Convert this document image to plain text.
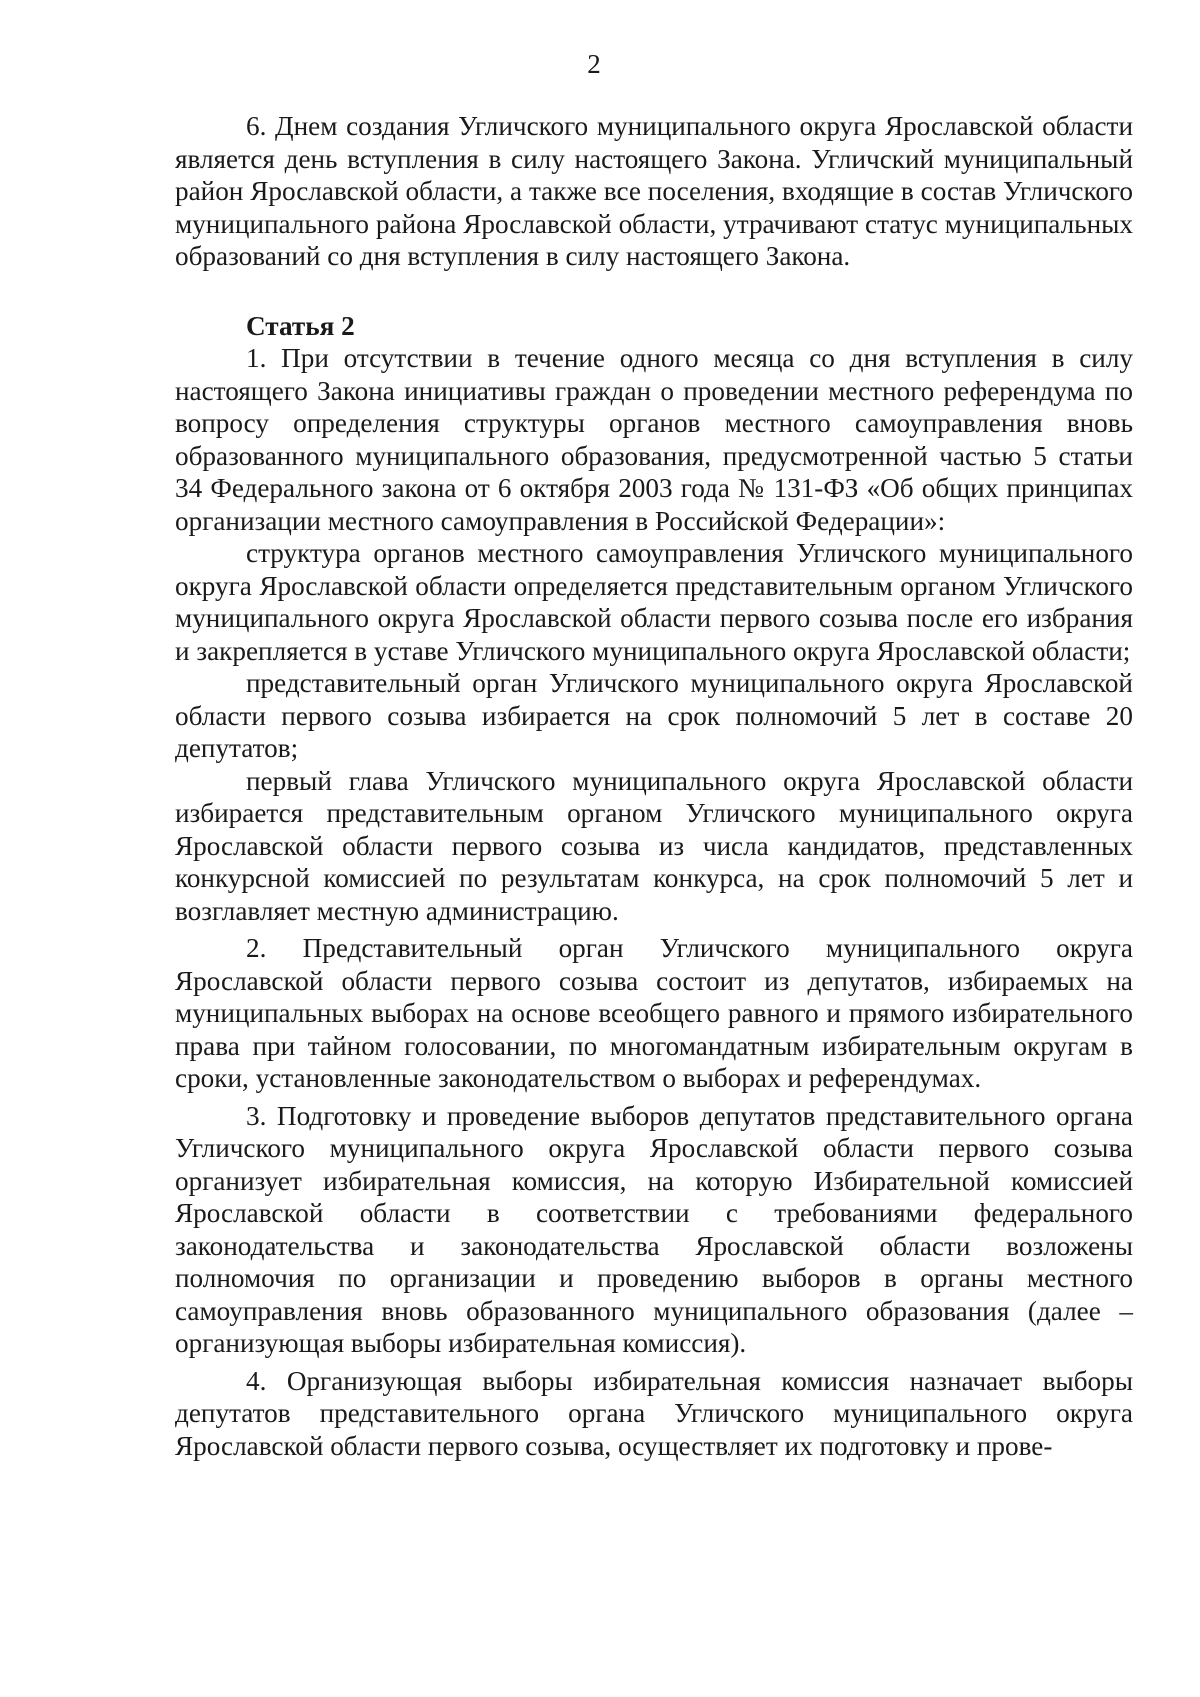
2

6. Днем создания Угличского муниципального округа Ярославской области является день вступления в силу настоящего Закона. Угличский муниципальный район Ярославской области, а также все поселения, входящие в состав Угличского муниципального района Ярославской области, утрачивают статус муниципальных образований со дня вступления в силу настоящего Закона.

Статья 2

1. При отсутствии в течение одного месяца со дня вступления в силу настоящего Закона инициативы граждан о проведении местного референдума по вопросу определения структуры органов местного самоуправления вновь образованного муниципального образования, предусмотренной частью 5 статьи 34 Федерального закона от 6 октября 2003 года № 131-ФЗ «Об общих принципах организации местного самоуправления в Российской Федерации»:

структура органов местного самоуправления Угличского муниципального округа Ярославской области определяется представительным органом Угличского муниципального округа Ярославской области первого созыва после его избрания и закрепляется в уставе Угличского муниципального округа Ярославской области;

представительный орган Угличского муниципального округа Ярославской области первого созыва избирается на срок полномочий 5 лет в составе 20 депутатов;

первый глава Угличского муниципального округа Ярославской области избирается представительным органом Угличского муниципального округа Ярославской области первого созыва из числа кандидатов, представленных конкурсной комиссией по результатам конкурса, на срок полномочий 5 лет и возглавляет местную администрацию.

2. Представительный орган Угличского муниципального округа Ярославской области первого созыва состоит из депутатов, избираемых на муниципальных выборах на основе всеобщего равного и прямого избирательного права при тайном голосовании, по многомандатным избирательным округам в сроки, установленные законодательством о выборах и референдумах.

3. Подготовку и проведение выборов депутатов представительного органа Угличского муниципального округа Ярославской области первого созыва организует избирательная комиссия, на которую Избирательной комиссией Ярославской области в соответствии с требованиями федерального законодательства и законодательства Ярославской области возложены полномочия по организации и проведению выборов в органы местного самоуправления вновь образованного муниципального образования (далее – организующая выборы избирательная комиссия).

4. Организующая выборы избирательная комиссия назначает выборы депутатов представительного органа Угличского муниципального округа Ярославской области первого созыва, осуществляет их подготовку и прове-
